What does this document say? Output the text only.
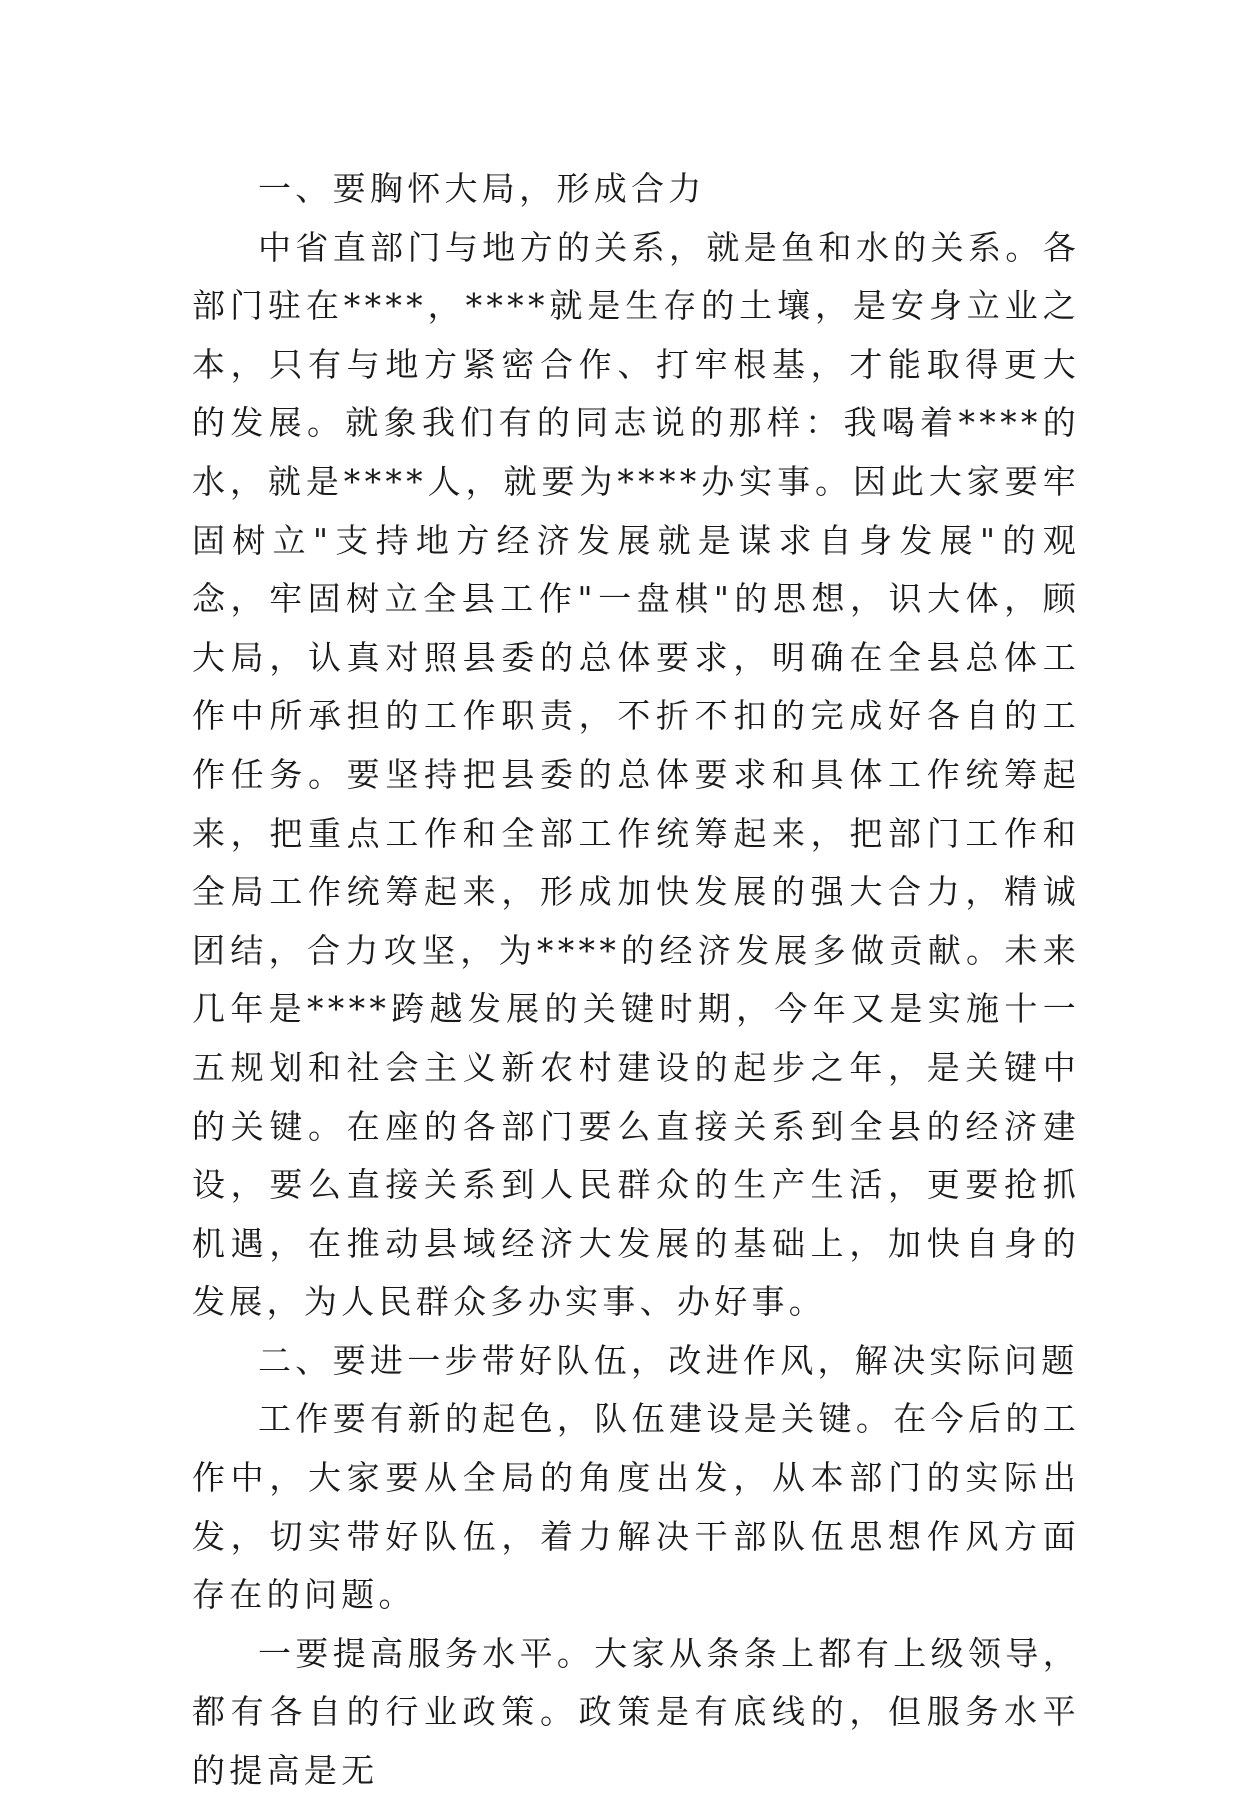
一、要胸怀大局，形成合力

中省直部门与地方的关系，就是鱼和水的关系。各部门驻在****，****就是生存的土壤，是安身立业之本，只有与地方紧密合作、打牢根基，才能取得更大的发展。就象我们有的同志说的那样：我喝着****的水，就是****人，就要为****办实事。因此大家要牢固树立"支持地方经济发展就是谋求自身发展"的观念，牢固树立全县工作"一盘棋"的思想，识大体，顾大局，认真对照县委的总体要求，明确在全县总体工作中所承担的工作职责，不折不扣的完成好各自的工作任务。要坚持把县委的总体要求和具体工作统筹起来，把重点工作和全部工作统筹起来，把部门工作和全局工作统筹起来，形成加快发展的强大合力，精诚团结，合力攻坚，为****的经济发展多做贡献。未来几年是****跨越发展的关键时期，今年又是实施十一五规划和社会主义新农村建设的起步之年，是关键中的关键。在座的各部门要么直接关系到全县的经济建设，要么直接关系到人民群众的生产生活，更要抢抓机遇，在推动县域经济大发展的基础上，加快自身的发展，为人民群众多办实事、办好事。

二、要进一步带好队伍，改进作风，解决实际问题

工作要有新的起色，队伍建设是关键。在今后的工作中，大家要从全局的角度出发，从本部门的实际出发，切实带好队伍，着力解决干部队伍思想作风方面存在的问题。

一要提高服务水平。大家从条条上都有上级领导，都有各自的行业政策。政策是有底线的，但服务水平的提高是无
